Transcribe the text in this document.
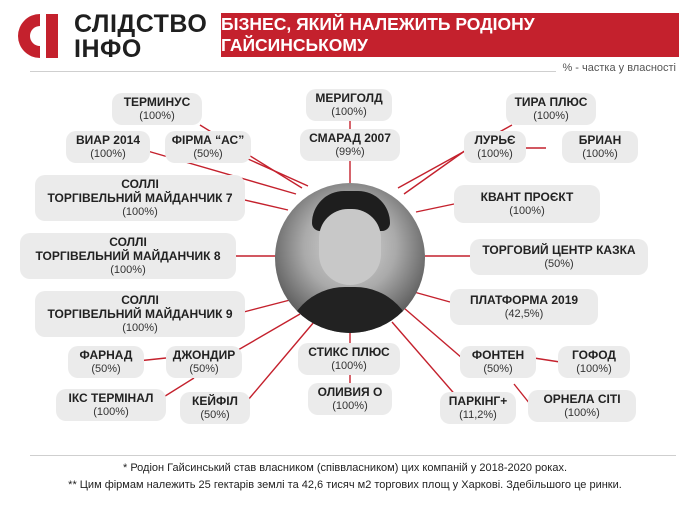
СЛІДСТВО
ІНФО
БІЗНЕС, ЯКИЙ НАЛЕЖИТЬ РОДІОНУ ГАЙСИНСЬКОМУ
% - частка у власності
ТЕРМИНУС
(100%)
ВИАР 2014
(100%)
ФІРМА “АС”
(50%)
СОЛЛІ
ТОРГІВЕЛЬНИЙ МАЙДАНЧИК 7
(100%)
СОЛЛІ
ТОРГІВЕЛЬНИЙ МАЙДАНЧИК 8
(100%)
СОЛЛІ
ТОРГІВЕЛЬНИЙ МАЙДАНЧИК 9
(100%)
ФАРНАД
(50%)
ДЖОНДИР
(50%)
ІКС ТЕРМІНАЛ
(100%)
КЕЙФІЛ
(50%)
МЕРИГОЛД
(100%)
СМАРАД 2007
(99%)
СТИКС ПЛЮС
(100%)
ОЛИВИЯ О
(100%)
ТИРА ПЛЮС
(100%)
ЛУРЬЄ
(100%)
БРИАН
(100%)
КВАНТ ПРОЄКТ
(100%)
ТОРГОВИЙ ЦЕНТР КАЗКА
(50%)
ПЛАТФОРМА 2019
(42,5%)
ФОНТЕН
(50%)
ГОФОД
(100%)
ПАРКІНГ+
(11,2%)
ОРНЕЛА СІТІ
(100%)
* Родіон Гайсинський став власником (співвласником) цих компаній у 2018-2020 роках.
** Цим фірмам належить 25 гектарів землі та 42,6 тисяч м2 торгових площ у Харкові. Здебільшого це ринки.
